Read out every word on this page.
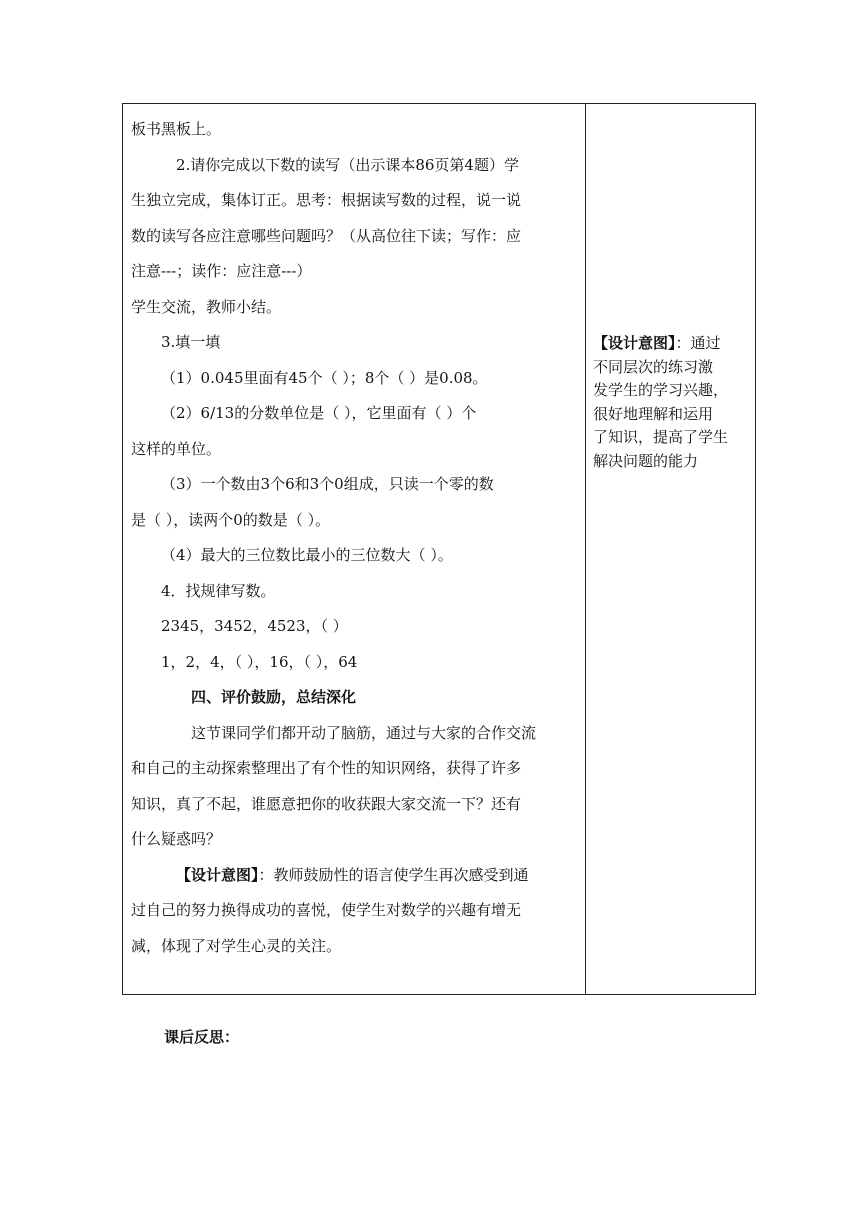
板书黑板上。

2.请你完成以下数的读写（出示课本86页第4题）学

生独立完成，集体订正。思考：根据读写数的过程，说一说

数的读写各应注意哪些问题吗？（从高位往下读；写作：应

注意---；读作：应注意---）

学生交流，教师小结。

3.填一填

（1）0.045里面有45个（ ）；8个（ ）是0.08。

（2）6/13的分数单位是（ ），它里面有（ ）个

这样的单位。

（3）一个数由3个6和3个0组成，只读一个零的数

是（ ），读两个0的数是（ ）。

（4）最大的三位数比最小的三位数大（ ）。

4．找规律写数。

2345，3452，4523，（ ）

1，2，4，（ ），16，（ ），64

四、评价鼓励，总结深化

这节课同学们都开动了脑筋，通过与大家的合作交流

和自己的主动探索整理出了有个性的知识网络，获得了许多

知识，真了不起，谁愿意把你的收获跟大家交流一下？还有

什么疑惑吗？

【设计意图】：教师鼓励性的语言使学生再次感受到通

过自己的努力换得成功的喜悦，使学生对数学的兴趣有增无

减，体现了对学生心灵的关注。

【设计意图】：通过

不同层次的练习激

发学生的学习兴趣，

很好地理解和运用

了知识，提高了学生

解决问题的能力

课后反思：
